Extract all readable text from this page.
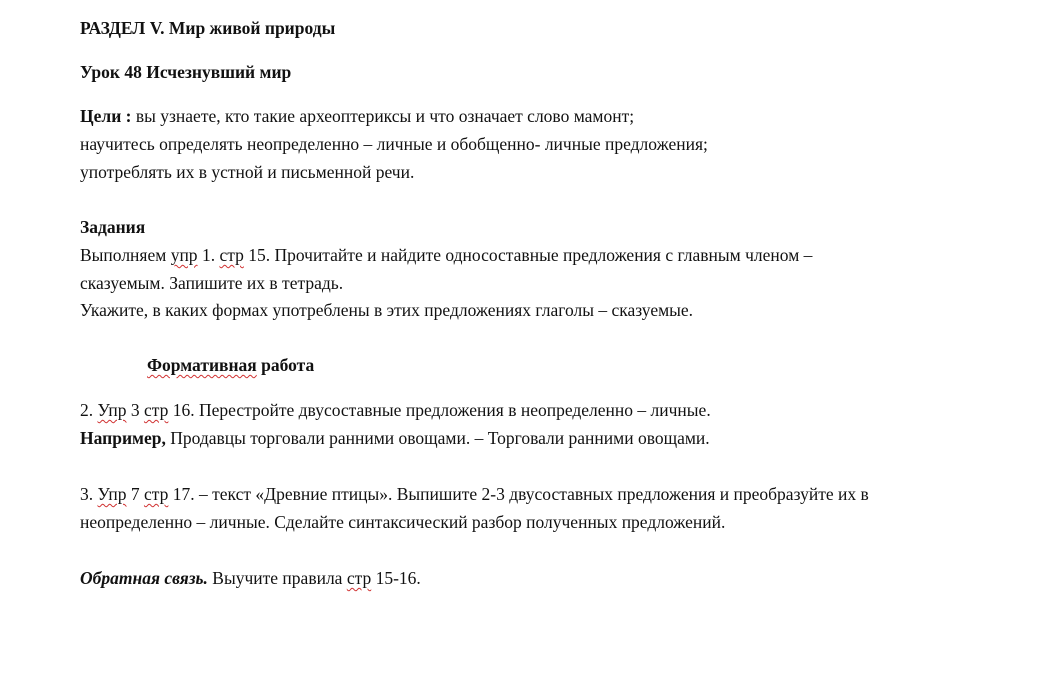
РАЗДЕЛ V. Мир живой природы
Урок 48 Исчезнувший мир
Цели : вы узнаете, кто такие археоптериксы и что означает слово мамонт;
научитесь определять неопределенно – личные и обобщенно- личные предложения;
употреблять их в устной и письменной речи.
Задания
Выполняем упр 1. стр 15. Прочитайте и найдите односоставные предложения с главным членом –
сказуемым. Запишите их в тетрадь.
Укажите, в каких формах употреблены в этих предложениях глаголы – сказуемые.
Формативная работа
2. Упр 3 стр 16. Перестройте двусоставные предложения в неопределенно – личные.
Например, Продавцы торговали ранними овощами. – Торговали ранними овощами.
3. Упр 7 стр 17. – текст «Древние птицы». Выпишите 2-3 двусоставных предложения и преобразуйте их в
неопределенно – личные. Сделайте синтаксический разбор полученных предложений.
Обратная связь. Выучите правила стр 15-16.
